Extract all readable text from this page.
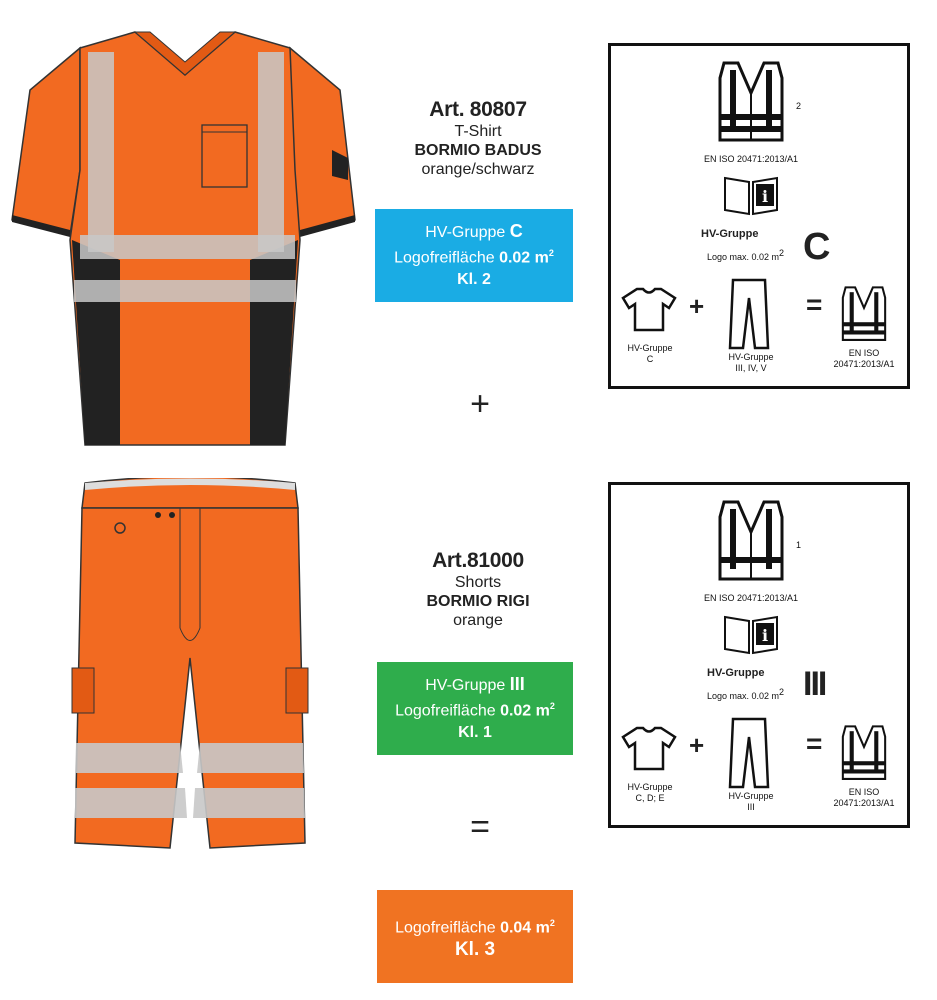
Art. 80807
T-Shirt
BORMIO BADUS
orange/schwarz
HV-Gruppe C
Logofreifläche 0.02 $m^2$
Kl. 2
+
Art.81000
Shorts
BORMIO RIGI
orange
HV-Gruppe III
Logofreifläche 0.02 $m^2$
Kl. 1
=
Logofreifläche 0.04 $m^2$
Kl. 3
2
EN ISO 20471:2013/A1
i
HV-Gruppe
Logo max. 0.02 m2 C
HV-Gruppe
C
+
HV-Gruppe
III, IV, V
=
EN ISO
20471:2013/A1
1
EN ISO 20471:2013/A1
i
HV-Gruppe
Logo max. 0.02 m2 III
HV-Gruppe
C, D; E
+
HV-Gruppe
III
=
EN ISO
20471:2013/A1
